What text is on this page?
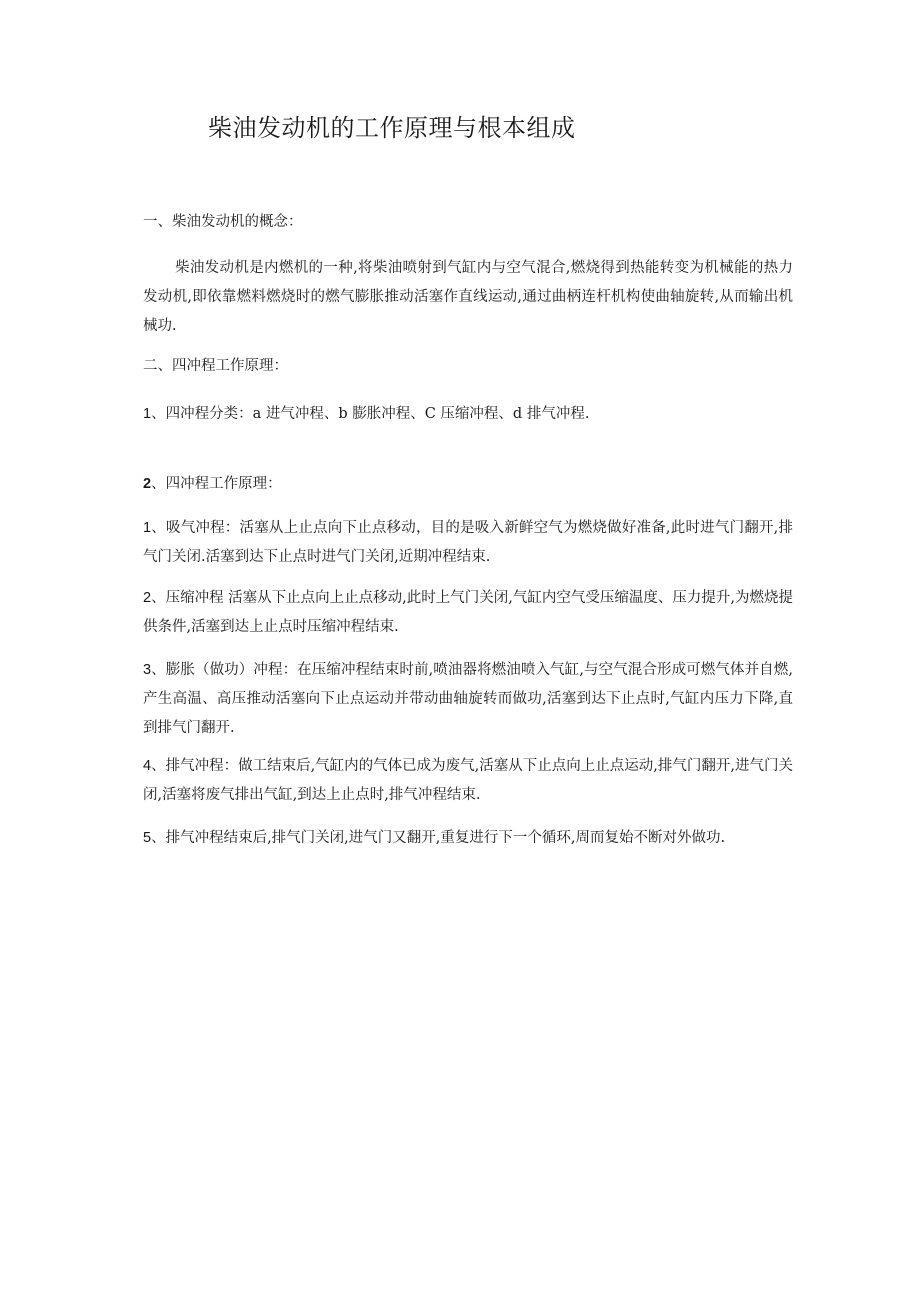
柴油发动机的工作原理与根本组成
一、柴油发动机的概念：
柴油发动机是内燃机的一种,将柴油喷射到气缸内与空气混合,燃烧得到热能转变为机械能的热力发动机,即依靠燃料燃烧时的燃气膨胀推动活塞作直线运动,通过曲柄连杆机构使曲轴旋转,从而输出机械功.
二、四冲程工作原理：
1、四冲程分类：a 进气冲程、b 膨胀冲程、C 压缩冲程、d 排气冲程.
2、四冲程工作原理：
1、吸气冲程：活塞从上止点向下止点移动，目的是吸入新鲜空气为燃烧做好准备,此时进气门翻开,排气门关闭.活塞到达下止点时进气门关闭,近期冲程结束.
2、压缩冲程 活塞从下止点向上止点移动,此时上气门关闭,气缸内空气受压缩温度、压力提升,为燃烧提供条件,活塞到达上止点时压缩冲程结束.
3、膨胀（做功）冲程：在压缩冲程结束时前,喷油器将燃油喷入气缸,与空气混合形成可燃气体并自燃,产生高温、高压推动活塞向下止点运动并带动曲轴旋转而做功,活塞到达下止点时,气缸内压力下降,直到排气门翻开.
4、排气冲程：做工结束后,气缸内的气体已成为废气,活塞从下止点向上止点运动,排气门翻开,进气门关闭,活塞将废气排出气缸,到达上止点时,排气冲程结束.
5、排气冲程结束后,排气门关闭,进气门又翻开,重复进行下一个循环,周而复始不断对外做功.
